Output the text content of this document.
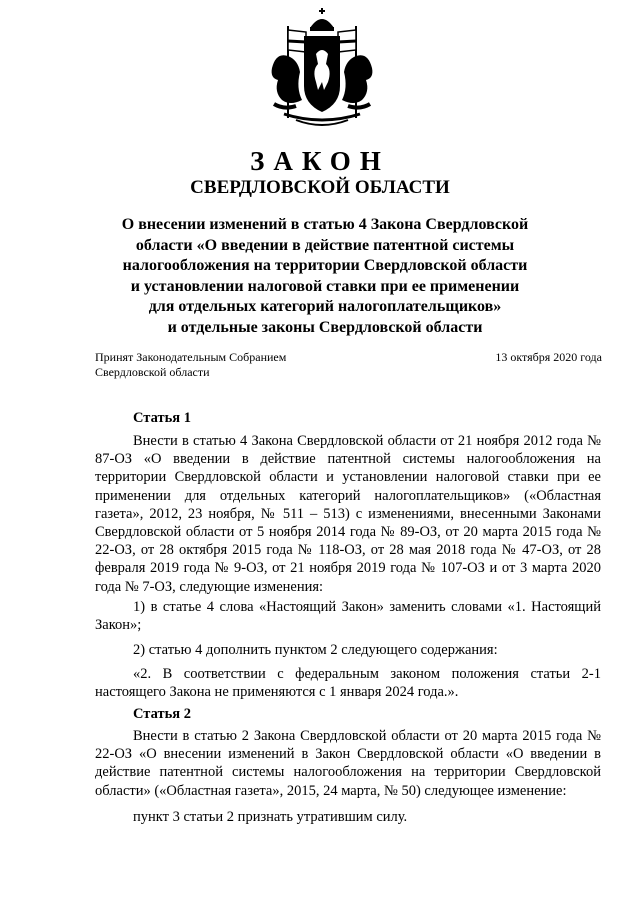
ЗАКОН
СВЕРДЛОВСКОЙ ОБЛАСТИ
О внесении изменений в статью 4 Закона Свердловской
области «О введении в действие патентной системы
налогообложения на территории Свердловской области
и установлении налоговой ставки при ее применении
для отдельных категорий налогоплательщиков»
и отдельные законы Свердловской области
Принят Законодательным Собранием
Свердловской области
13 октября 2020 года
Статья 1
Внести в статью 4 Закона Свердловской области от 21 ноября 2012 года № 87-ОЗ «О введении в действие патентной системы налогообложения на территории Свердловской области и установлении налоговой ставки при ее применении для отдельных категорий налогоплательщиков» («Областная газета», 2012, 23 ноября, № 511 – 513) с изменениями, внесенными Законами Свердловской области от 5 ноября 2014 года № 89-ОЗ, от 20 марта 2015 года № 22-ОЗ, от 28 октября 2015 года № 118-ОЗ, от 28 мая 2018 года № 47-ОЗ, от 28 февраля 2019 года № 9-ОЗ, от 21 ноября 2019 года № 107-ОЗ и от 3 марта 2020 года № 7-ОЗ, следующие изменения:
1) в статье 4 слова «Настоящий Закон» заменить словами «1. Настоящий Закон»;
2) статью 4 дополнить пунктом 2 следующего содержания:
«2. В соответствии с федеральным законом положения статьи 2-1 настоящего Закона не применяются с 1 января 2024 года.».
Статья 2
Внести в статью 2 Закона Свердловской области от 20 марта 2015 года № 22-ОЗ «О внесении изменений в Закон Свердловской области «О введении в действие патентной системы налогообложения на территории Свердловской области» («Областная газета», 2015, 24 марта, № 50) следующее изменение:
пункт 3 статьи 2 признать утратившим силу.
